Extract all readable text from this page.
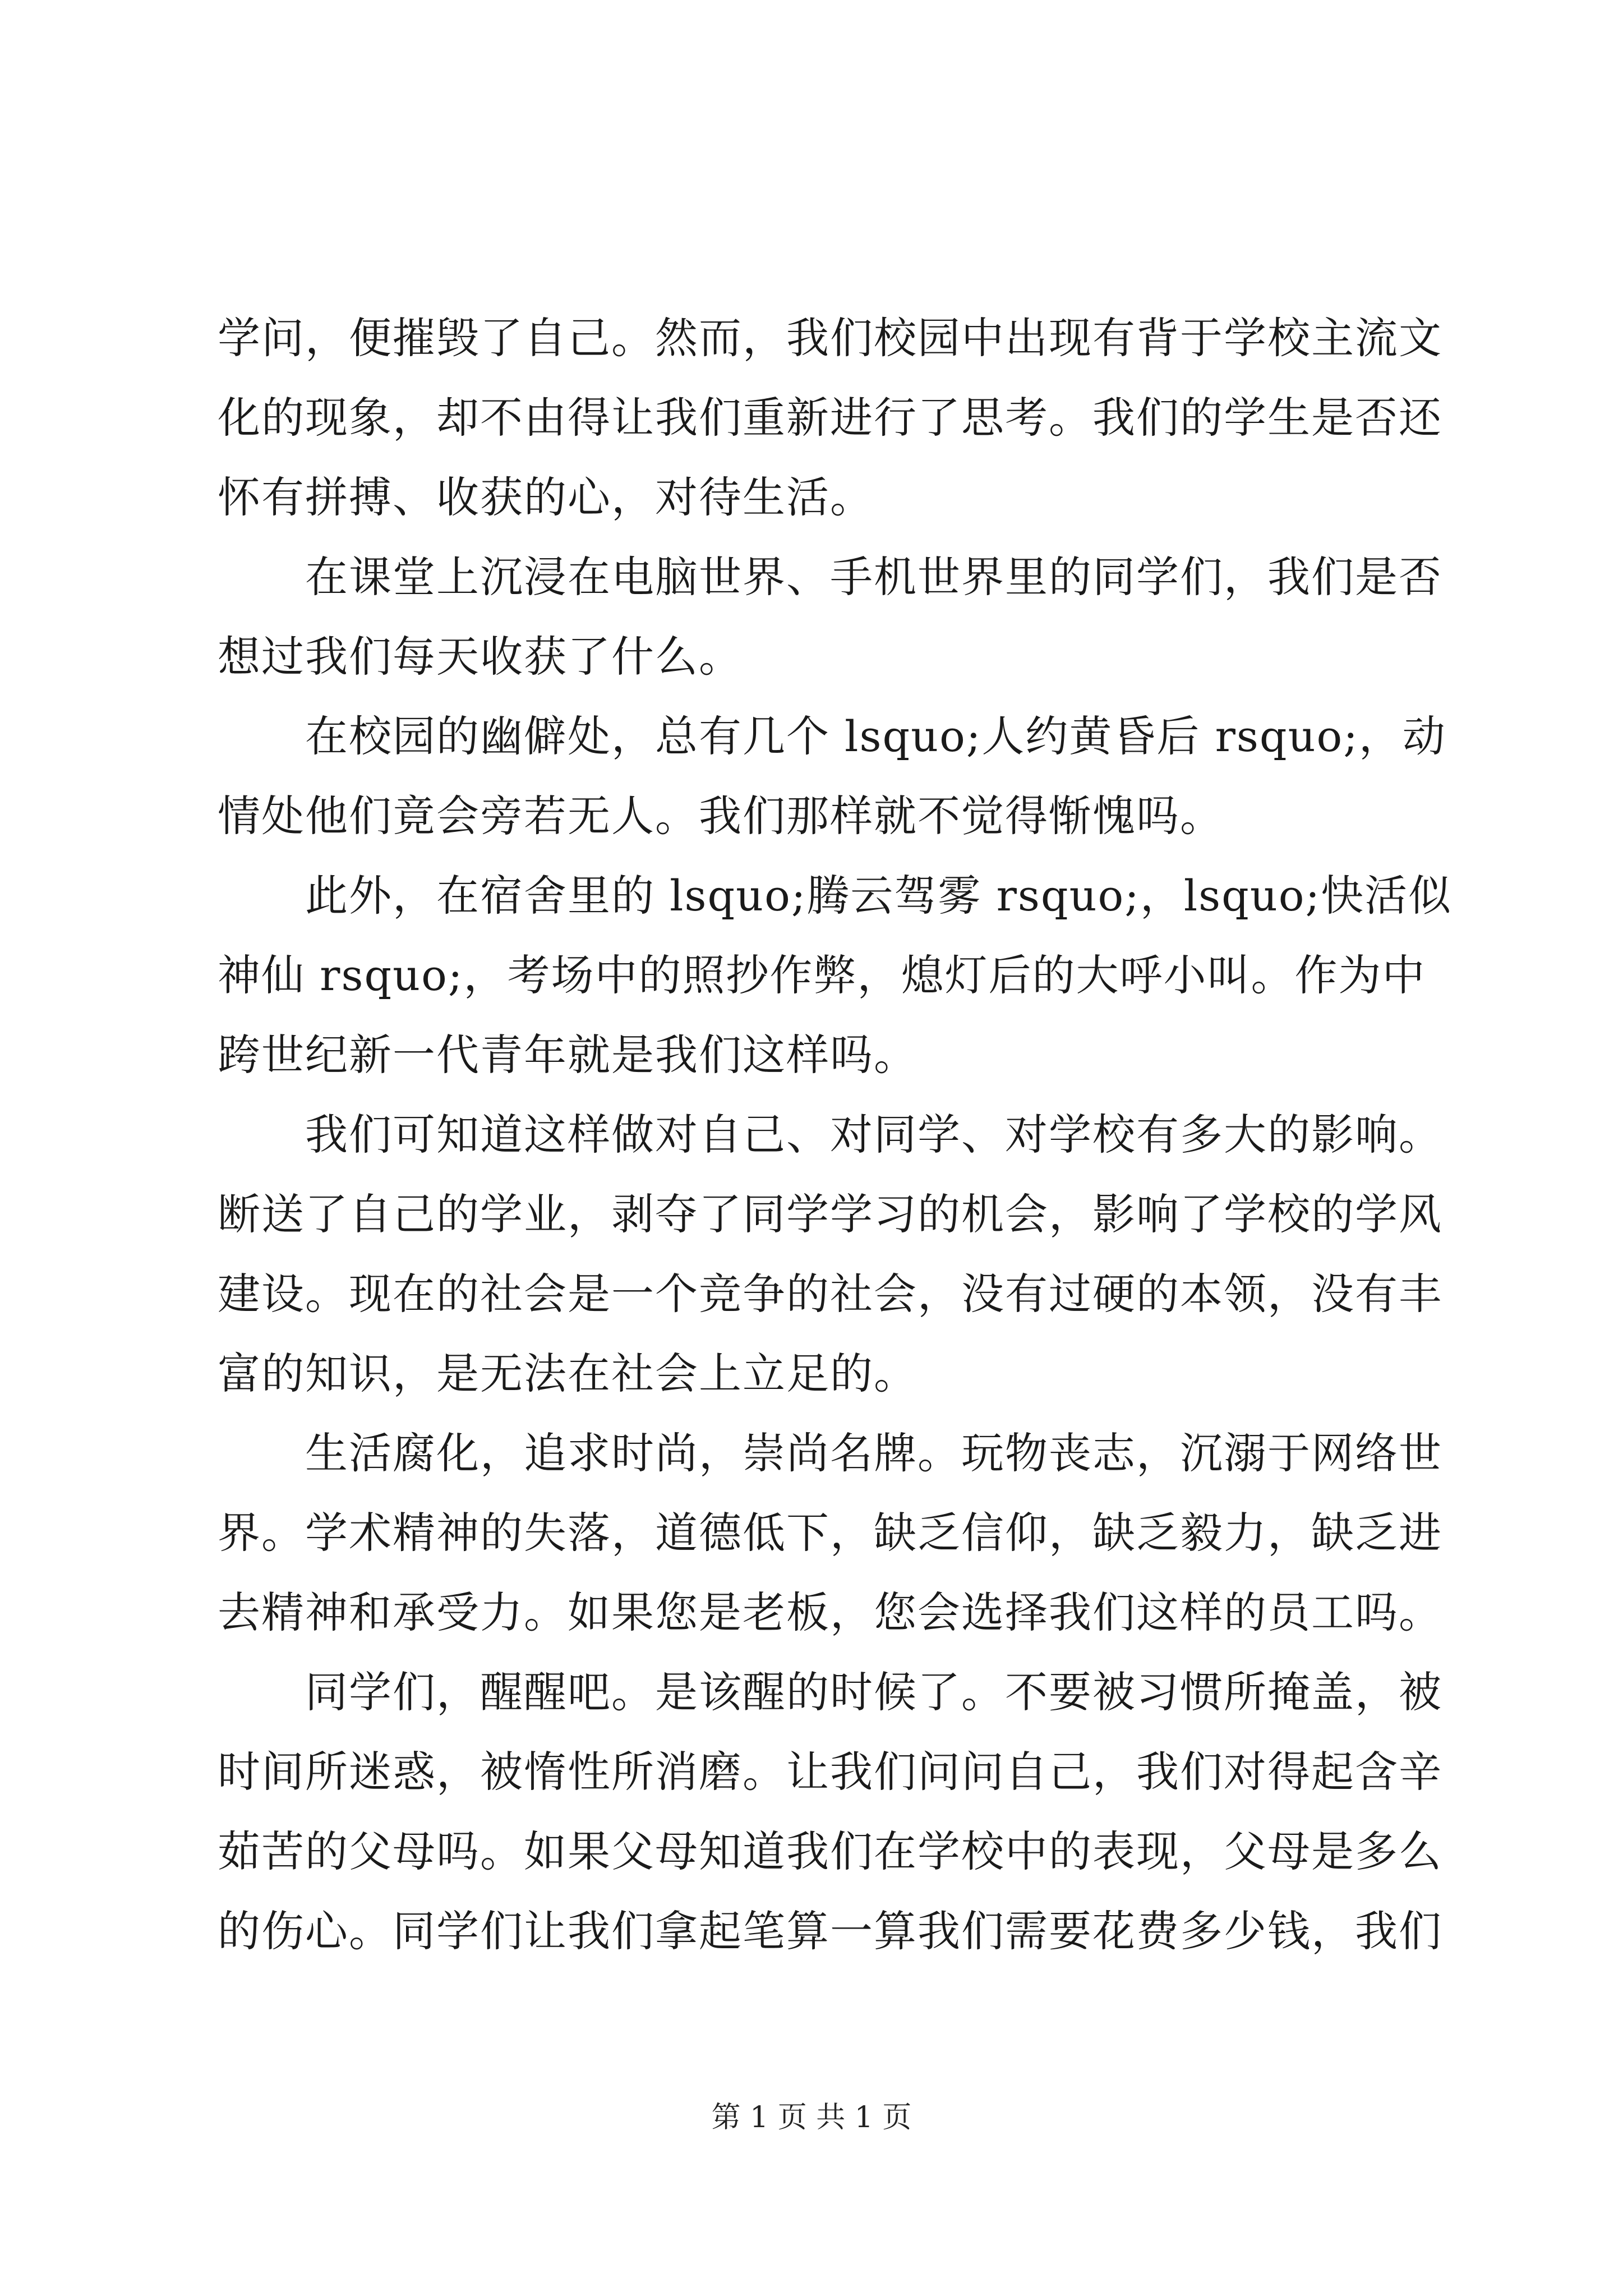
学问，便摧毁了自己。然而，我们校园中出现有背于学校主流文
化的现象，却不由得让我们重新进行了思考。我们的学生是否还
怀有拼搏、收获的心，对待生活。
　　在课堂上沉浸在电脑世界、手机世界里的同学们，我们是否
想过我们每天收获了什么。
　　在校园的幽僻处，总有几个 lsquo;人约黄昏后 rsquo;，动
情处他们竟会旁若无人。我们那样就不觉得惭愧吗。
　　此外，在宿舍里的 lsquo;腾云驾雾 rsquo;，lsquo;快活似
神仙 rsquo;，考场中的照抄作弊，熄灯后的大呼小叫。作为中
跨世纪新一代青年就是我们这样吗。
　　我们可知道这样做对自己、对同学、对学校有多大的影响。
断送了自己的学业，剥夺了同学学习的机会，影响了学校的学风
建设。现在的社会是一个竞争的社会，没有过硬的本领，没有丰
富的知识，是无法在社会上立足的。
　　生活腐化，追求时尚，崇尚名牌。玩物丧志，沉溺于网络世
界。学术精神的失落，道德低下，缺乏信仰，缺乏毅力，缺乏进
去精神和承受力。如果您是老板，您会选择我们这样的员工吗。
　　同学们，醒醒吧。是该醒的时候了。不要被习惯所掩盖，被
时间所迷惑，被惰性所消磨。让我们问问自己，我们对得起含辛
茹苦的父母吗。如果父母知道我们在学校中的表现，父母是多么
的伤心。同学们让我们拿起笔算一算我们需要花费多少钱，我们
第 1 页 共 1 页
